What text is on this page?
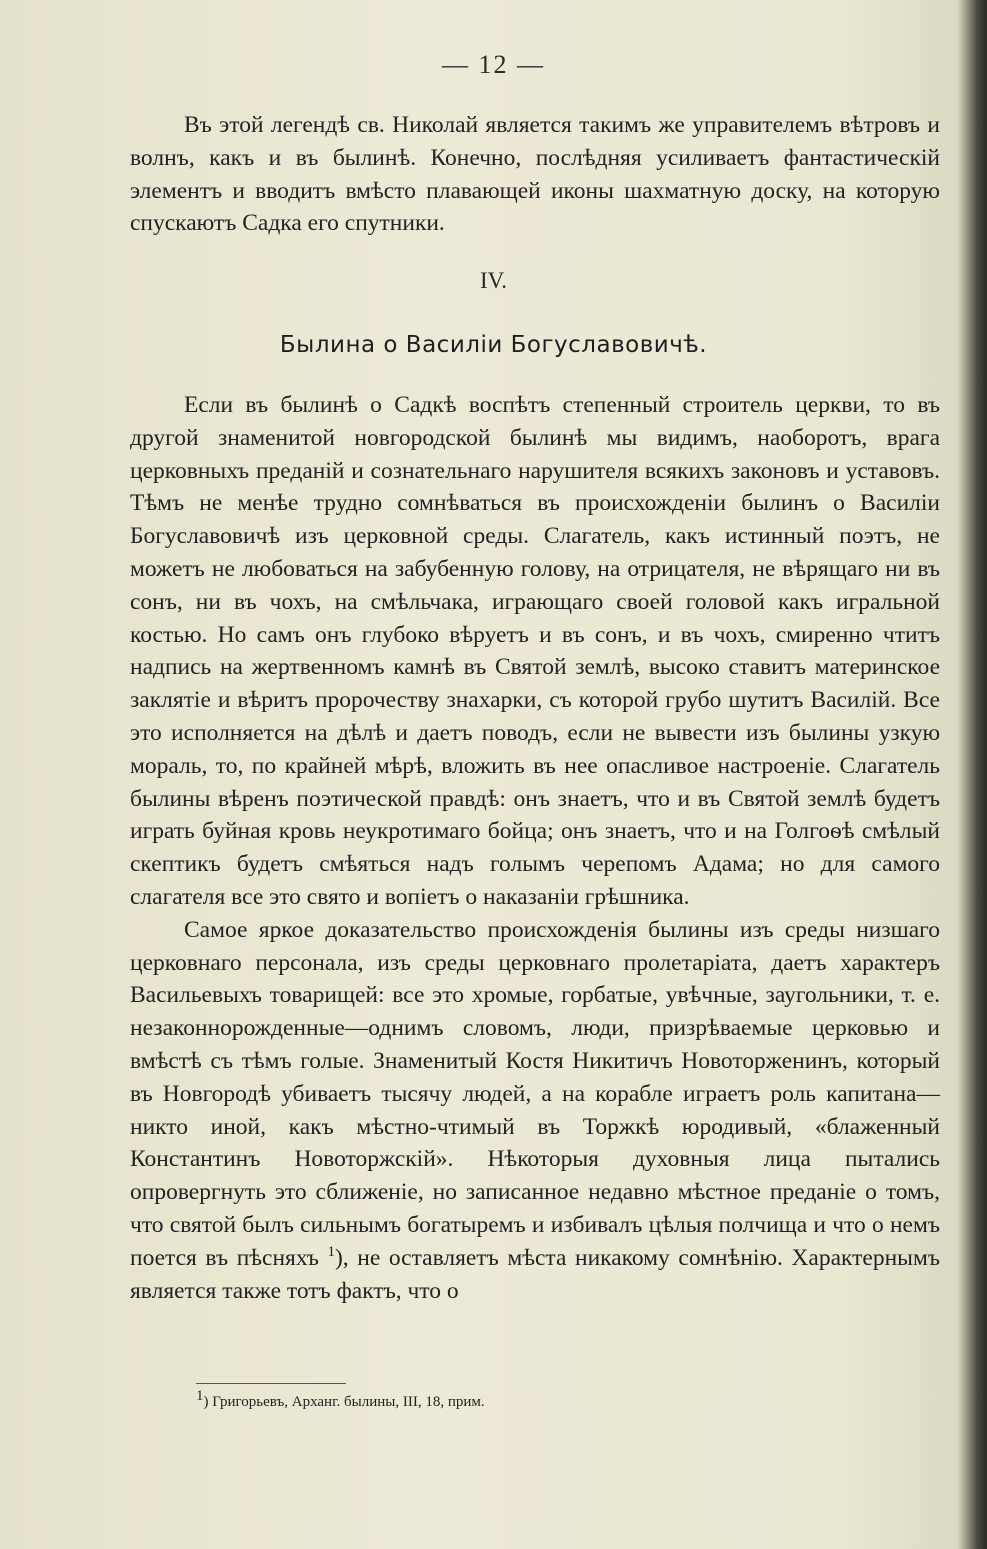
— 12 —

Въ этой легендѣ св. Николай является такимъ же управителемъ вѣтровъ и волнъ, какъ и въ былинѣ. Конечно, послѣдняя усиливаетъ фантастическій элементъ и вводитъ вмѣсто плавающей иконы шахматную доску, на которую спускаютъ Садка его спутники.

IV.
Былина о Василіи Богуславовичѣ.

Если въ былинѣ о Садкѣ воспѣтъ степенный строитель церкви, то въ другой знаменитой новгородской былинѣ мы видимъ, наоборотъ, врага церковныхъ преданій и сознательнаго нарушителя всякихъ законовъ и уставовъ. Тѣмъ не менѣе трудно сомнѣваться въ происхожденіи былинъ о Василіи Богуславовичѣ изъ церковной среды. Слагатель, какъ истинный поэтъ, не можетъ не любоваться на забубенную голову, на отрицателя, не вѣрящаго ни въ сонъ, ни въ чохъ, на смѣльчака, играющаго своей головой какъ игральной костью. Но самъ онъ глубоко вѣруетъ и въ сонъ, и въ чохъ, смиренно чтитъ надпись на жертвенномъ камнѣ въ Святой землѣ, высоко ставитъ материнское заклятіе и вѣритъ пророчеству знахарки, съ которой грубо шутитъ Василій. Все это исполняется на дѣлѣ и даетъ поводъ, если не вывести изъ былины узкую мораль, то, по крайней мѣрѣ, вложить въ нее опасливое настроеніе. Слагатель былины вѣренъ поэтической правдѣ: онъ знаетъ, что и въ Святой землѣ будетъ играть буйная кровь неукротимаго бойца; онъ знаетъ, что и на Голгоѳѣ смѣлый скептикъ будетъ смѣяться надъ голымъ черепомъ Адама; но для самого слагателя все это свято и вопіетъ о наказаніи грѣшника.

Самое яркое доказательство происхожденія былины изъ среды низшаго церковнаго персонала, изъ среды церковнаго пролетаріата, даетъ характеръ Васильевыхъ товарищей: все это хромые, горбатые, увѣчные, заугольники, т. е. незаконнорожденные—однимъ словомъ, люди, призрѣваемые церковью и вмѣстѣ съ тѣмъ голые. Знаменитый Костя Никитичъ Новоторженинъ, который въ Новгородѣ убиваетъ тысячу людей, а на корабле играетъ роль капитана—никто иной, какъ мѣстно-чтимый въ Торжкѣ юродивый, «блаженный Константинъ Новоторжскій». Нѣкоторыя духовныя лица пытались опровергнуть это сближеніе, но записанное недавно мѣстное преданіе о томъ, что святой былъ сильнымъ богатыремъ и избивалъ цѣлыя полчища и что о немъ поется въ пѣсняхъ $^1$), не оставляетъ мѣста никакому сомнѣнію. Характернымъ является также тотъ фактъ, что о

$^1$) Григорьевъ, Арханг. былины, III, 18, прим.
